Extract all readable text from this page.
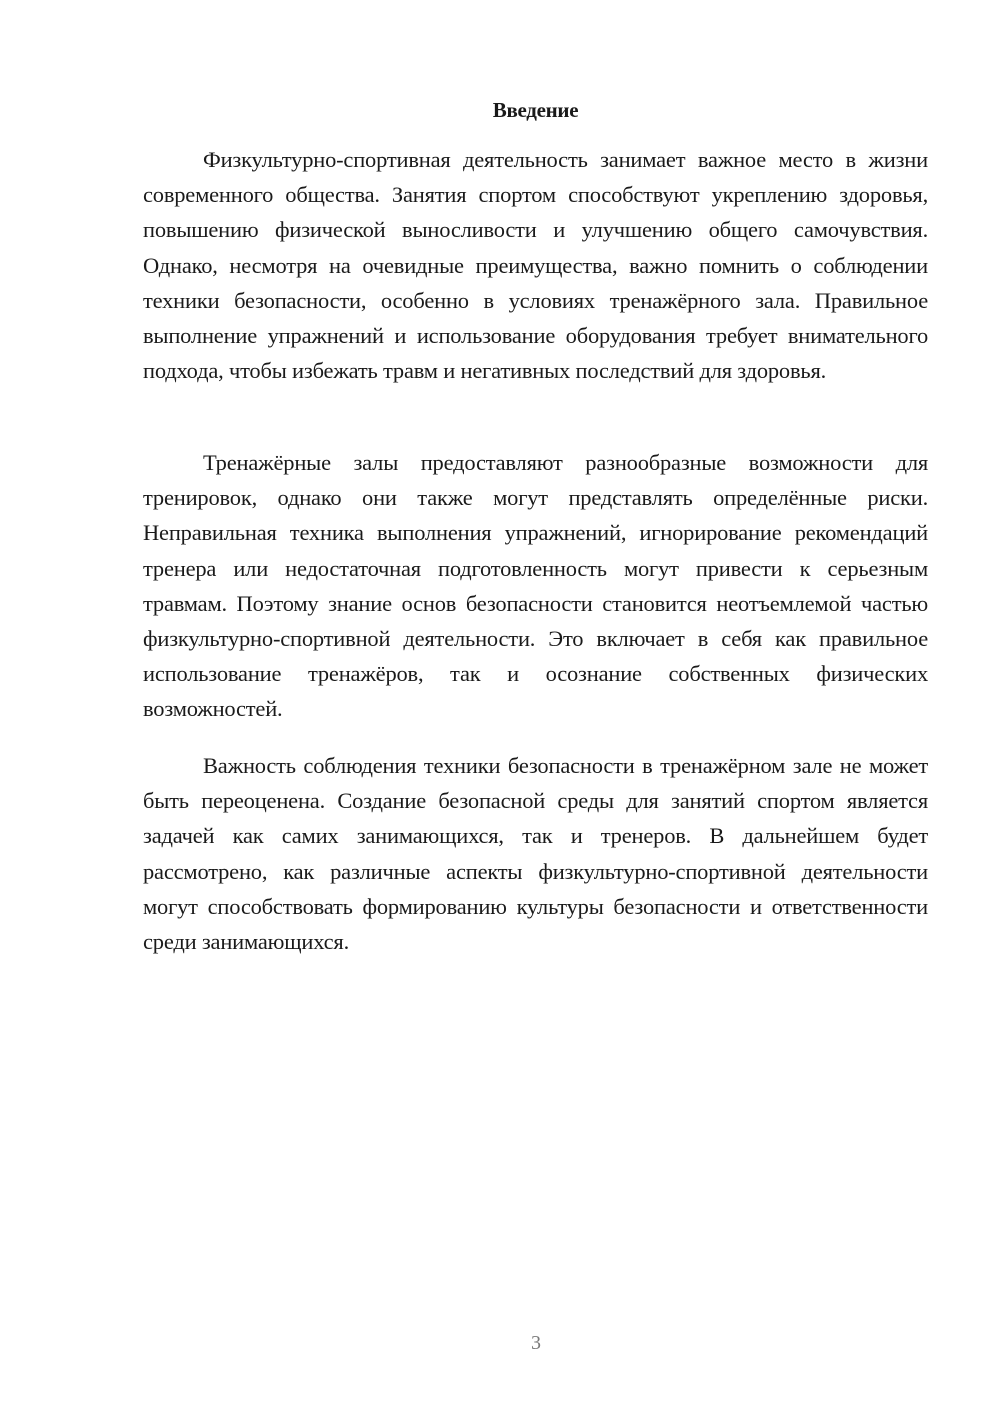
Введение

Физкультурно-спортивная деятельность занимает важное место в жизни современного общества. Занятия спортом способствуют укреплению здоровья, повышению физической выносливости и улучшению общего самочувствия. Однако, несмотря на очевидные преимущества, важно помнить о соблюдении техники безопасности, особенно в условиях тренажёрного зала. Правильное выполнение упражнений и использование оборудования требует внимательного подхода, чтобы избежать травм и негативных последствий для здоровья.

Тренажёрные залы предоставляют разнообразные возможности для тренировок, однако они также могут представлять определённые риски. Неправильная техника выполнения упражнений, игнорирование рекомендаций тренера или недостаточная подготовленность могут привести к серьезным травмам. Поэтому знание основ безопасности становится неотъемлемой частью физкультурно-спортивной деятельности. Это включает в себя как правильное использование тренажёров, так и осознание собственных физических возможностей.

Важность соблюдения техники безопасности в тренажёрном зале не может быть переоценена. Создание безопасной среды для занятий спортом является задачей как самих занимающихся, так и тренеров. В дальнейшем будет рассмотрено, как различные аспекты физкультурно-спортивной деятельности могут способствовать формированию культуры безопасности и ответственности среди занимающихся.

3
